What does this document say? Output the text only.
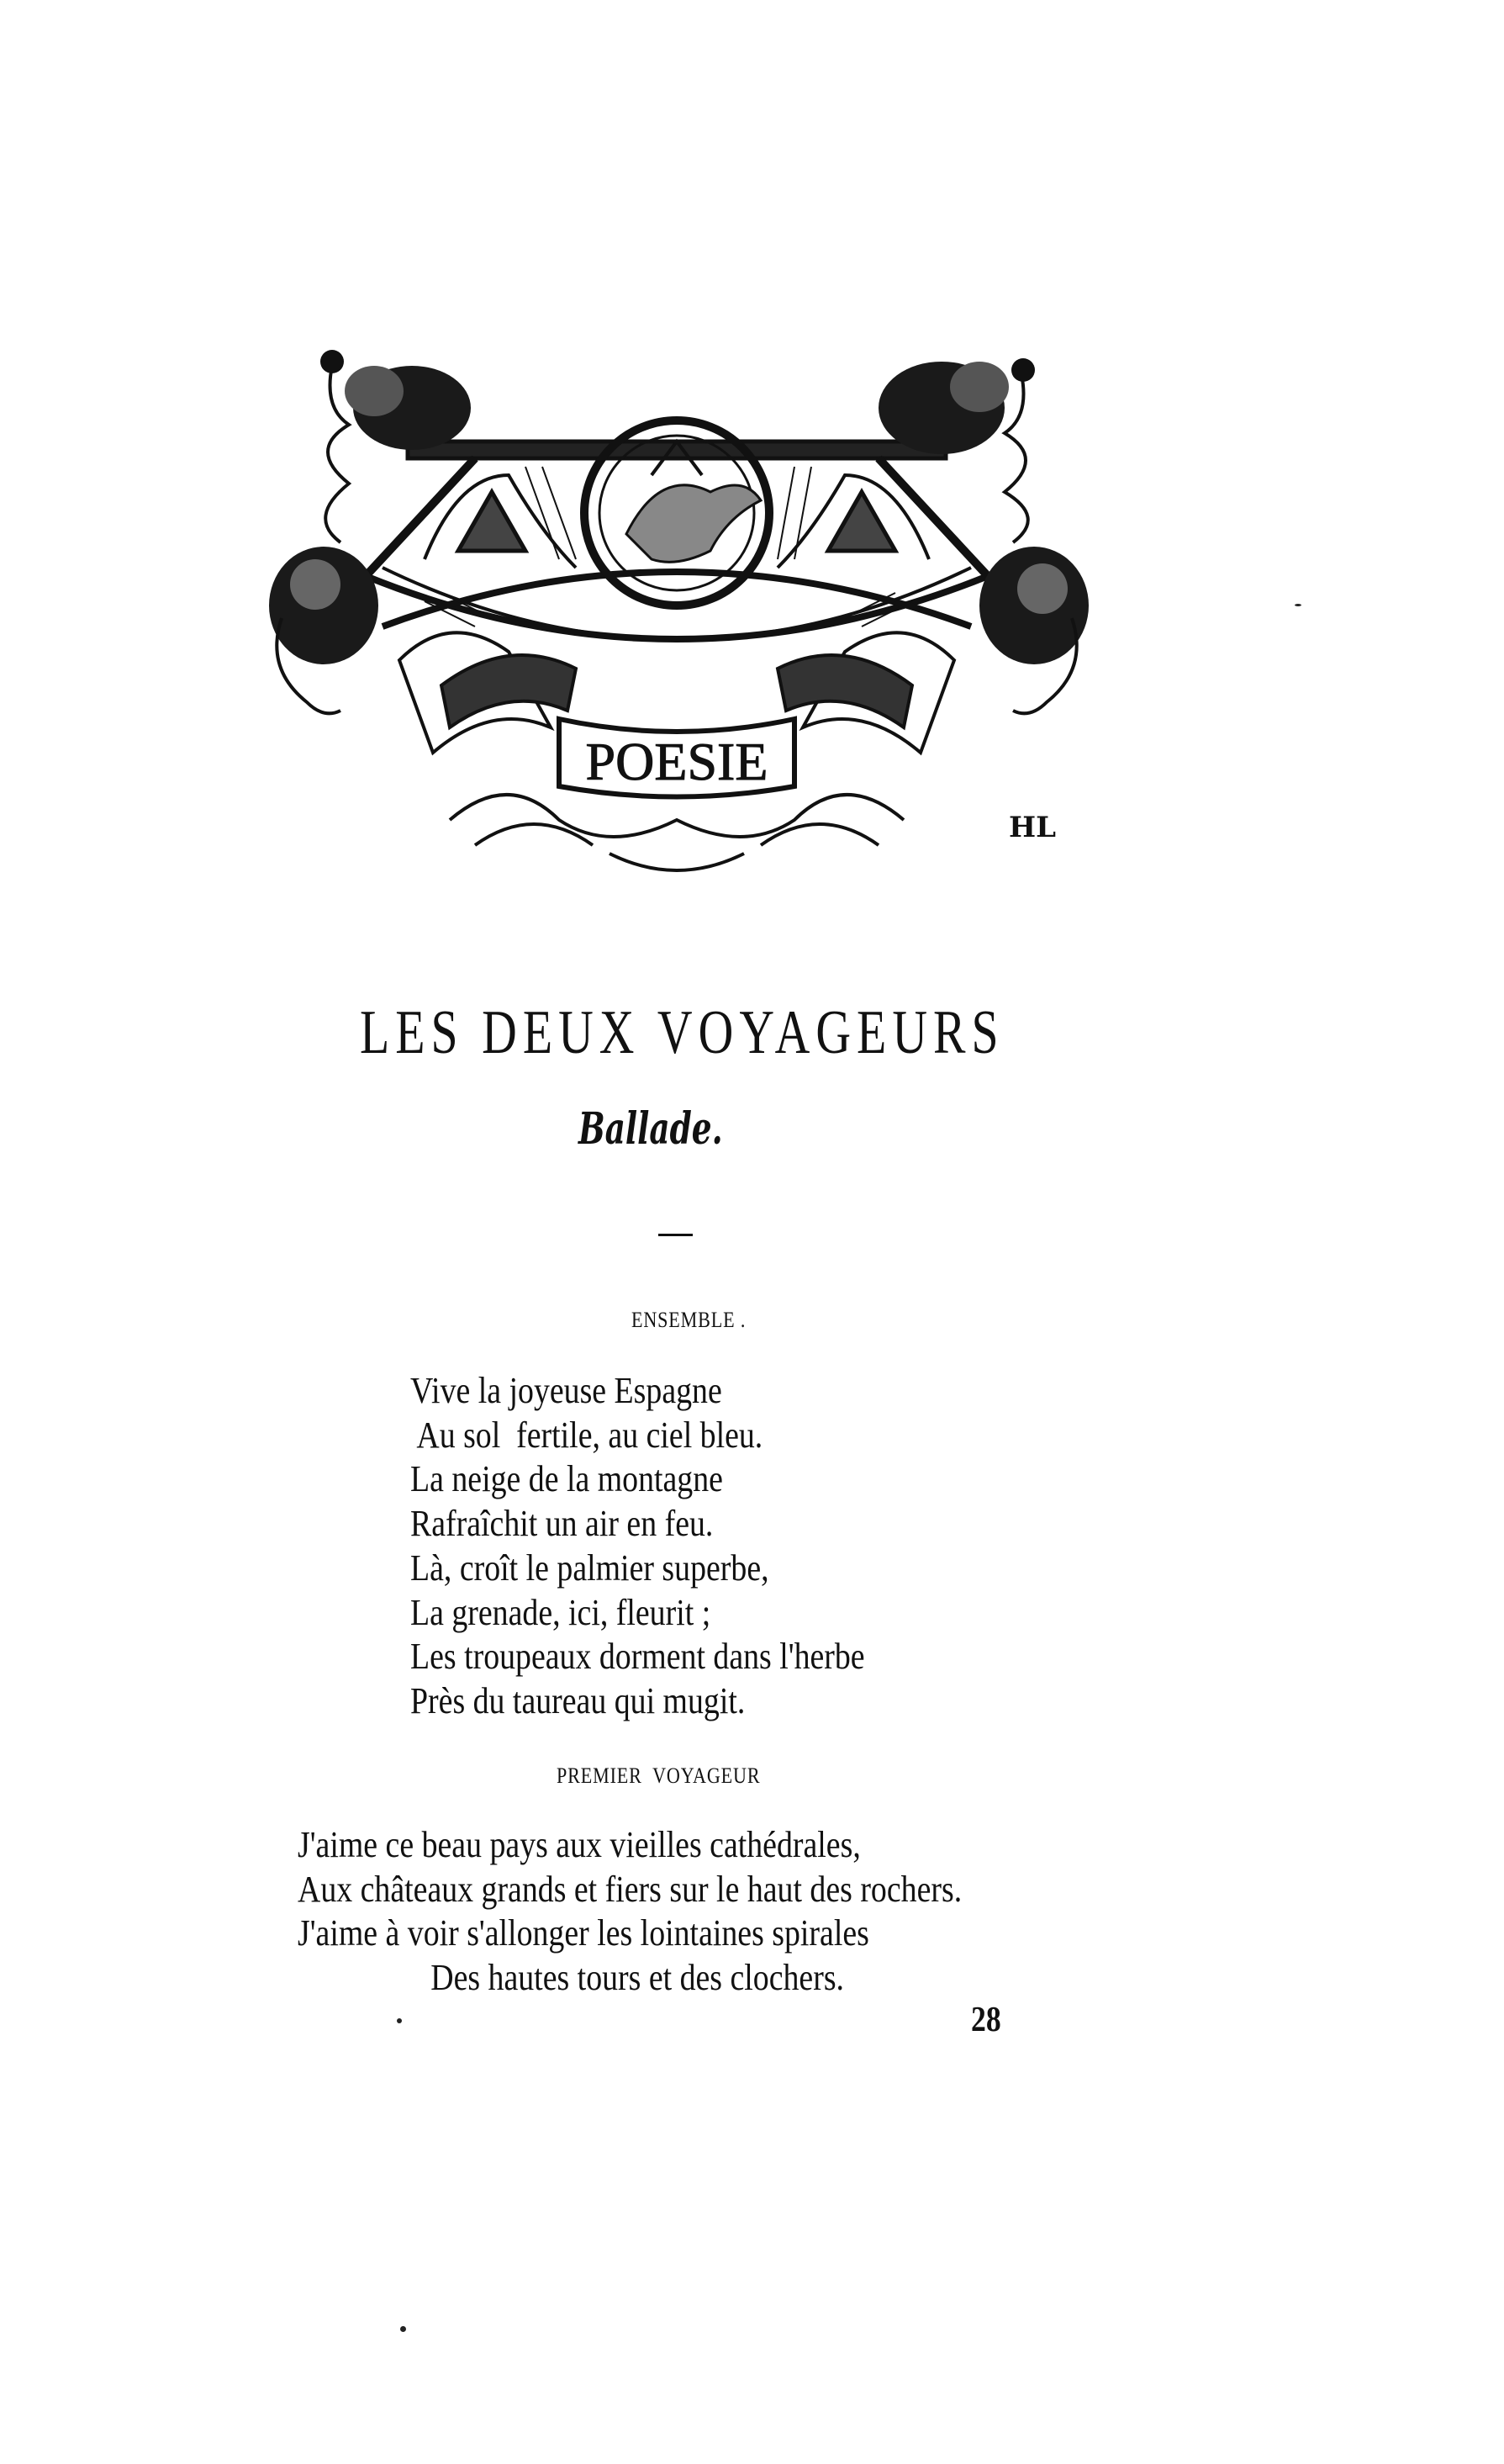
POESIE
HL
LES DEUX VOYAGEURS
Ballade.
ENSEMBLE .
Vive la joyeuse Espagne
Au sol  fertile, au ciel bleu.
La neige de la montagne
Rafraîchit un air en feu.
Là, croît le palmier superbe,
La grenade, ici, fleurit ;
Les troupeaux dorment dans l'herbe
Près du taureau qui mugit.
PREMIER  VOYAGEUR
J'aime ce beau pays aux vieilles cathédrales,
Aux châteaux grands et fiers sur le haut des rochers.
J'aime à voir s'allonger les lointaines spirales
Des hautes tours et des clochers.
28
